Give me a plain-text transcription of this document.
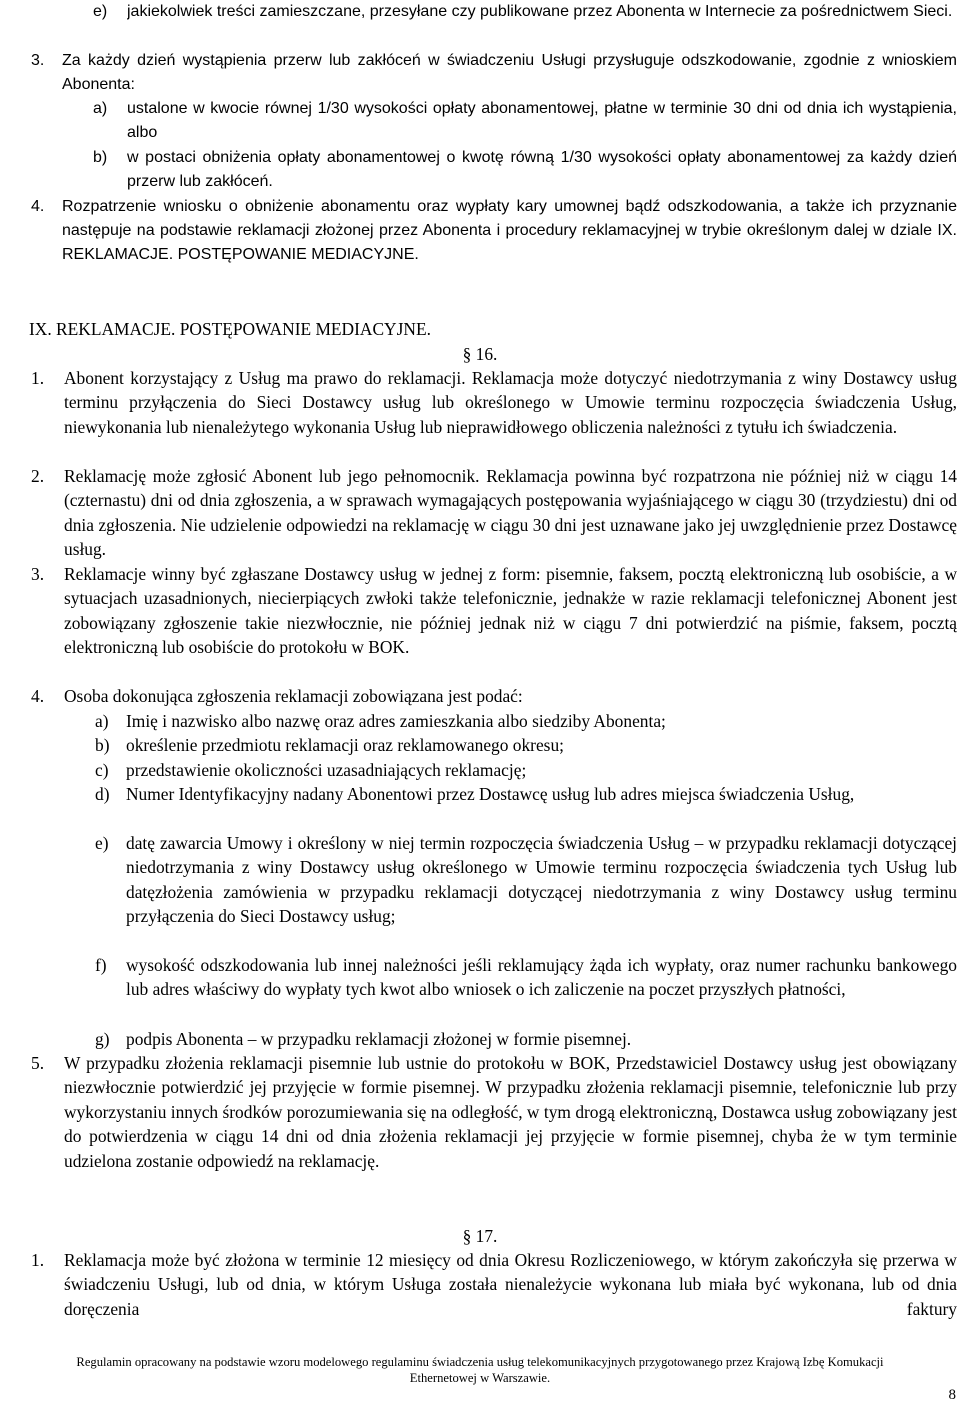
e) jakiekolwiek treści zamieszczane, przesyłane czy publikowane przez Abonenta w Internecie za pośrednictwem Sieci.
3. Za każdy dzień wystąpienia przerw lub zakłóceń w świadczeniu Usługi przysługuje odszkodowanie, zgodnie z wnioskiem Abonenta:
a) ustalone w kwocie równej 1/30 wysokości opłaty abonamentowej, płatne w terminie 30 dni od dnia ich wystąpienia, albo
b) w postaci obniżenia opłaty abonamentowej o kwotę równą 1/30 wysokości opłaty abonamentowej za każdy dzień przerw lub zakłóceń.
4. Rozpatrzenie wniosku o obniżenie abonamentu oraz wypłaty kary umownej bądź odszkodowania, a także ich przyznanie następuje na podstawie reklamacji złożonej przez Abonenta i procedury reklamacyjnej w trybie określonym dalej w dziale IX. REKLAMACJE. POSTĘPOWANIE MEDIACYJNE.
IX. REKLAMACJE. POSTĘPOWANIE MEDIACYJNE.
§ 16.
1. Abonent korzystający z Usług ma prawo do reklamacji. Reklamacja może dotyczyć niedotrzymania z winy Dostawcy usług terminu przyłączenia do Sieci Dostawcy usług lub określonego w Umowie terminu rozpoczęcia świadczenia Usług, niewykonania lub nienależytego wykonania Usług lub nieprawidłowego obliczenia należności z tytułu ich świadczenia.
2. Reklamację może zgłosić Abonent lub jego pełnomocnik. Reklamacja powinna być rozpatrzona nie później niż w ciągu 14 (czternastu) dni od dnia zgłoszenia, a w sprawach wymagających postępowania wyjaśniającego w ciągu 30 (trzydziestu) dni od dnia zgłoszenia. Nie udzielenie odpowiedzi na reklamację w ciągu 30 dni jest uznawane jako jej uwzględnienie przez Dostawcę usług.
3. Reklamacje winny być zgłaszane Dostawcy usług w jednej z form: pisemnie, faksem, pocztą elektroniczną lub osobiście, a w sytuacjach uzasadnionych, niecierpiących zwłoki także telefonicznie, jednakże w razie reklamacji telefonicznej Abonent jest zobowiązany zgłoszenie takie niezwłocznie, nie później jednak niż w ciągu 7 dni potwierdzić na piśmie, faksem, pocztą elektroniczną lub osobiście do protokołu w BOK.
4. Osoba dokonująca zgłoszenia reklamacji zobowiązana jest podać:
a) Imię i nazwisko albo nazwę oraz adres zamieszkania albo siedziby Abonenta;
b) określenie przedmiotu reklamacji oraz reklamowanego okresu;
c) przedstawienie okoliczności uzasadniających reklamację;
d) Numer Identyfikacyjny nadany Abonentowi przez Dostawcę usług lub adres miejsca świadczenia Usług,
e) datę zawarcia Umowy i określony w niej termin rozpoczęcia świadczenia Usług – w przypadku reklamacji dotyczącej niedotrzymania z winy Dostawcy usług określonego w Umowie terminu rozpoczęcia świadczenia tych Usług lub datęzłożenia zamówienia w przypadku reklamacji dotyczącej niedotrzymania z winy Dostawcy usług terminu przyłączenia do Sieci Dostawcy usług;
f) wysokość odszkodowania lub innej należności jeśli reklamujący żąda ich wypłaty, oraz numer rachunku bankowego lub adres właściwy do wypłaty tych kwot albo wniosek o ich zaliczenie na poczet przyszłych płatności,
g) podpis Abonenta – w przypadku reklamacji złożonej w formie pisemnej.
5. W przypadku złożenia reklamacji pisemnie lub ustnie do protokołu w BOK, Przedstawiciel Dostawcy usług jest obowiązany niezwłocznie potwierdzić jej przyjęcie w formie pisemnej. W przypadku złożenia reklamacji pisemnie, telefonicznie lub przy wykorzystaniu innych środków porozumiewania się na odległość, w tym drogą elektroniczną, Dostawca usług zobowiązany jest do potwierdzenia w ciągu 14 dni od dnia złożenia reklamacji jej przyjęcie w formie pisemnej, chyba że w tym terminie udzielona zostanie odpowiedź na reklamację.
§ 17.
1. Reklamacja może być złożona w terminie 12 miesięcy od dnia Okresu Rozliczeniowego, w którym zakończyła się przerwa w świadczeniu Usługi, lub od dnia, w którym Usługa została nienależycie wykonana lub miała być wykonana, lub od dnia doręczenia faktury
Regulamin opracowany na podstawie wzoru modelowego regulaminu świadczenia usług telekomunikacyjnych przygotowanego przez Krajową Izbę Komukacji
Ethernetowej w Warszawie.
8
